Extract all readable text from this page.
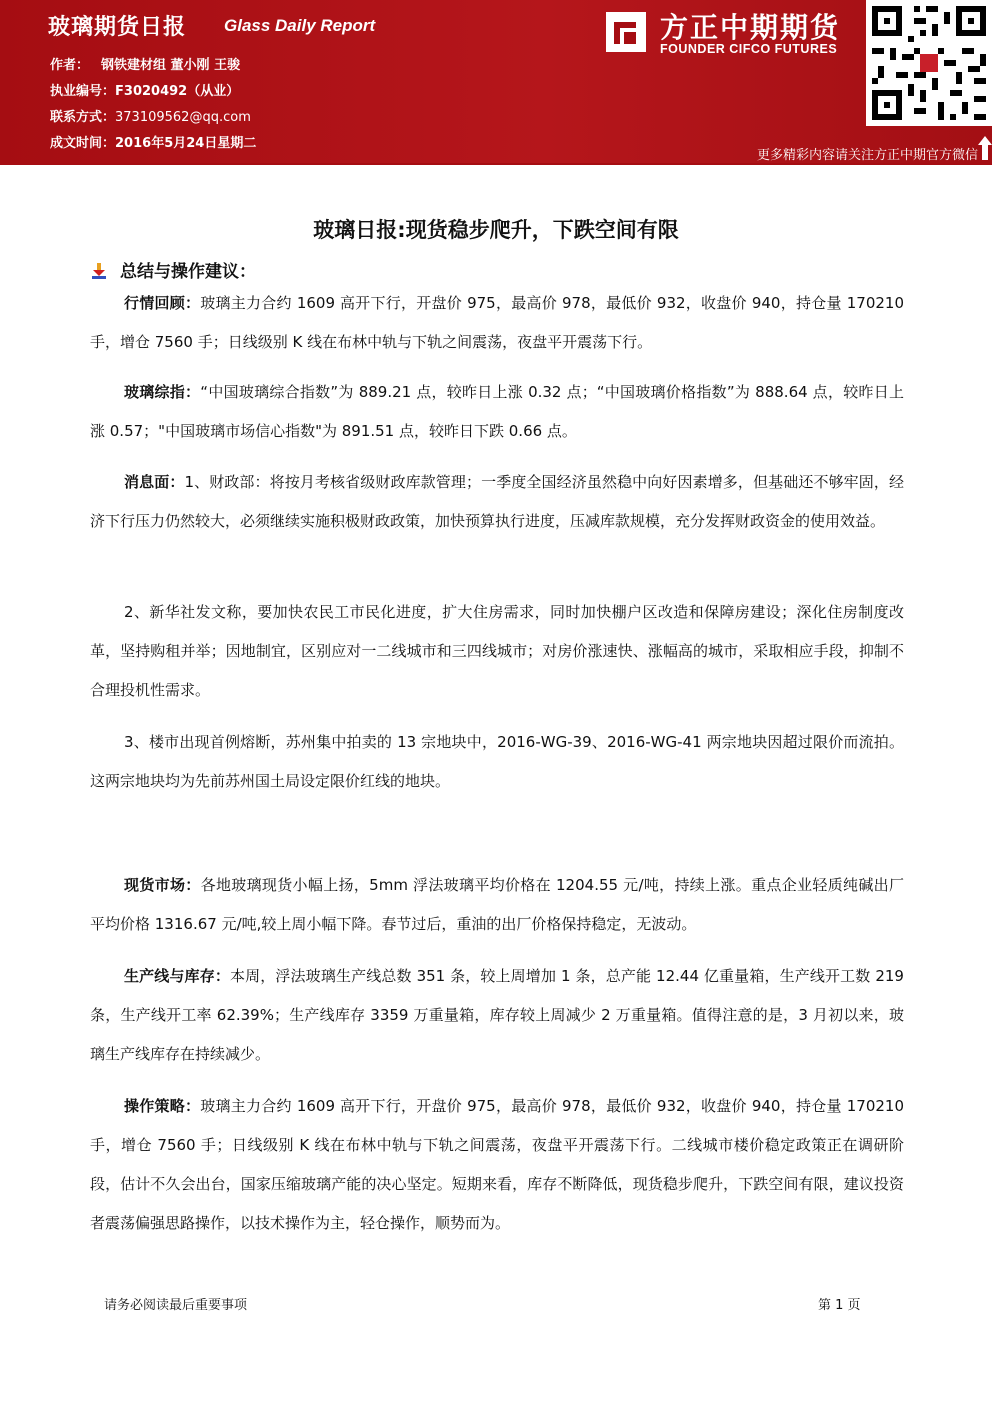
玻璃期货日报 Glass Daily Report
作者： 钢铁建材组 董小刚 王骏
执业编号：F3020492（从业）
联系方式：373109562@qq.com
成文时间：2016年5月24日星期二
方正中期期货
FOUNDER CIFCO FUTURES
更多精彩内容请关注方正中期官方微信
玻璃日报:现货稳步爬升，下跌空间有限
总结与操作建议：
行情回顾：玻璃主力合约 1609 高开下行，开盘价 975，最高价 978，最低价 932，收盘价 940，持仓量 170210 手，增仓 7560 手；日线级别 K 线在布林中轨与下轨之间震荡，夜盘平开震荡下行。
玻璃综指：“中国玻璃综合指数”为 889.21 点，较昨日上涨 0.32 点；“中国玻璃价格指数”为 888.64 点，较昨日上涨 0.57；"中国玻璃市场信心指数"为 891.51 点，较昨日下跌 0.66 点。
消息面：1、财政部：将按月考核省级财政库款管理；一季度全国经济虽然稳中向好因素增多，但基础还不够牢固，经济下行压力仍然较大，必须继续实施积极财政政策，加快预算执行进度，压减库款规模，充分发挥财政资金的使用效益。
2、新华社发文称，要加快农民工市民化进度，扩大住房需求，同时加快棚户区改造和保障房建设；深化住房制度改革，坚持购租并举；因地制宜，区别应对一二线城市和三四线城市；对房价涨速快、涨幅高的城市，采取相应手段，抑制不合理投机性需求。
3、楼市出现首例熔断，苏州集中拍卖的 13 宗地块中，2016-WG-39、2016-WG-41 两宗地块因超过限价而流拍。这两宗地块均为先前苏州国土局设定限价红线的地块。
现货市场：各地玻璃现货小幅上扬，5mm 浮法玻璃平均价格在 1204.55 元/吨，持续上涨。重点企业轻质纯碱出厂平均价格 1316.67 元/吨,较上周小幅下降。春节过后，重油的出厂价格保持稳定，无波动。
生产线与库存：本周，浮法玻璃生产线总数 351 条，较上周增加 1 条，总产能 12.44 亿重量箱，生产线开工数 219 条，生产线开工率 62.39%；生产线库存 3359 万重量箱，库存较上周减少 2 万重量箱。值得注意的是，3 月初以来，玻璃生产线库存在持续减少。
操作策略：玻璃主力合约 1609 高开下行，开盘价 975，最高价 978，最低价 932，收盘价 940，持仓量 170210 手，增仓 7560 手；日线级别 K 线在布林中轨与下轨之间震荡，夜盘平开震荡下行。二线城市楼价稳定政策正在调研阶段，估计不久会出台，国家压缩玻璃产能的决心坚定。短期来看，库存不断降低，现货稳步爬升，下跌空间有限，建议投资者震荡偏强思路操作，以技术操作为主，轻仓操作，顺势而为。
请务必阅读最后重要事项	第 1 页
